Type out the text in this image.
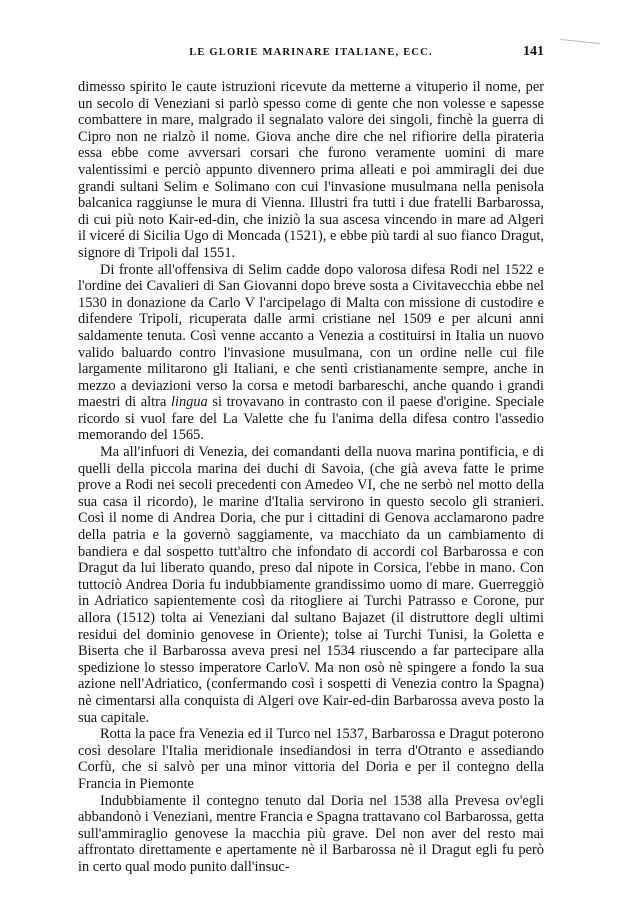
LE GLORIE MARINARE ITALIANE, ECC.	141

dimesso spirito le caute istruzioni ricevute da metterne a vituperio il nome, per un secolo di Veneziani si parlò spesso come di gente che non volesse e sapesse combattere in mare, malgrado il segnalato valore dei singoli, finchè la guerra di Cipro non ne rialzò il nome. Giova anche dire che nel rifiorire della pirateria essa ebbe come avversari corsari che furono veramente uomini di mare valentissimi e perciò appunto divennero prima alleati e poi ammiragli dei due grandi sultani Selim e Solimano con cui l'invasione musulmana nella penisola balcanica raggiunse le mura di Vienna. Illustri fra tutti i due fratelli Barbarossa, di cui più noto Kair-ed-din, che iniziò la sua ascesa vincendo in mare ad Algeri il viceré di Sicilia Ugo di Moncada (1521), e ebbe più tardi al suo fianco Dragut, signore di Tripoli dal 1551.

Di fronte all'offensiva di Selim cadde dopo valorosa difesa Rodi nel 1522 e l'ordine dei Cavalieri di San Giovanni dopo breve sosta a Civitavecchia ebbe nel 1530 in donazione da Carlo V l'arcipelago di Malta con missione di custodire e difendere Tripoli, ricuperata dalle armi cristiane nel 1509 e per alcuni anni saldamente tenuta. Così venne accanto a Venezia a costituirsi in Italia un nuovo valido baluardo contro l'invasione musulmana, con un ordine nelle cui file largamente militarono gli Italiani, e che sentì cristianamente sempre, anche in mezzo a deviazioni verso la corsa e metodi barbareschi, anche quando i grandi maestri di altra lingua si trovavano in contrasto con il paese d'origine. Speciale ricordo si vuol fare del La Valette che fu l'anima della difesa contro l'assedio memorando del 1565.

Ma all'infuori di Venezia, dei comandanti della nuova marina pontificia, e di quelli della piccola marina dei duchi di Savoia, (che già aveva fatte le prime prove a Rodi nei secoli precedenti con Amedeo VI, che ne serbò nel motto della sua casa il ricordo), le marine d'Italia servirono in questo secolo gli stranieri. Così il nome di Andrea Doria, che pur i cittadini di Genova acclamarono padre della patria e la governò saggiamente, va macchiato da un cambiamento di bandiera e dal sospetto tutt'altro che infondato di accordi col Barbarossa e con Dragut da lui liberato quando, preso dal nipote in Corsica, l'ebbe in mano. Con tuttociò Andrea Doria fu indubbiamente grandissimo uomo di mare. Guerreggiò in Adriatico sapientemente così da ritogliere ai Turchi Patrasso e Corone, pur allora (1512) tolta ai Veneziani dal sultano Bajazet (il distruttore degli ultimi residui del dominio genovese in Oriente); tolse ai Turchi Tunisi, la Goletta e Biserta che il Barbarossa aveva presi nel 1534 riuscendo a far partecipare alla spedizione lo stesso imperatore CarloV. Ma non osò nè spingere a fondo la sua azione nell'Adriatico, (confermando così i sospetti di Venezia contro la Spagna) nè cimentarsi alla conquista di Algeri ove Kair-ed-din Barbarossa aveva posto la sua capitale.

Rotta la pace fra Venezia ed il Turco nel 1537, Barbarossa e Dragut poterono così desolare l'Italia meridionale insediandosi in terra d'Otranto e assediando Corfù, che si salvò per una minor vittoria del Doria e per il contegno della Francia in Piemonte

Indubbiamente il contegno tenuto dal Doria nel 1538 alla Prevesa ov'egli abbandonò i Veneziani, mentre Francia e Spagna trattavano col Barbarossa, getta sull'ammiraglio genovese la macchia più grave. Del non aver del resto mai affrontato direttamente e apertamente nè il Barbarossa nè il Dragut egli fu però in certo qual modo punito dall'insuc-
